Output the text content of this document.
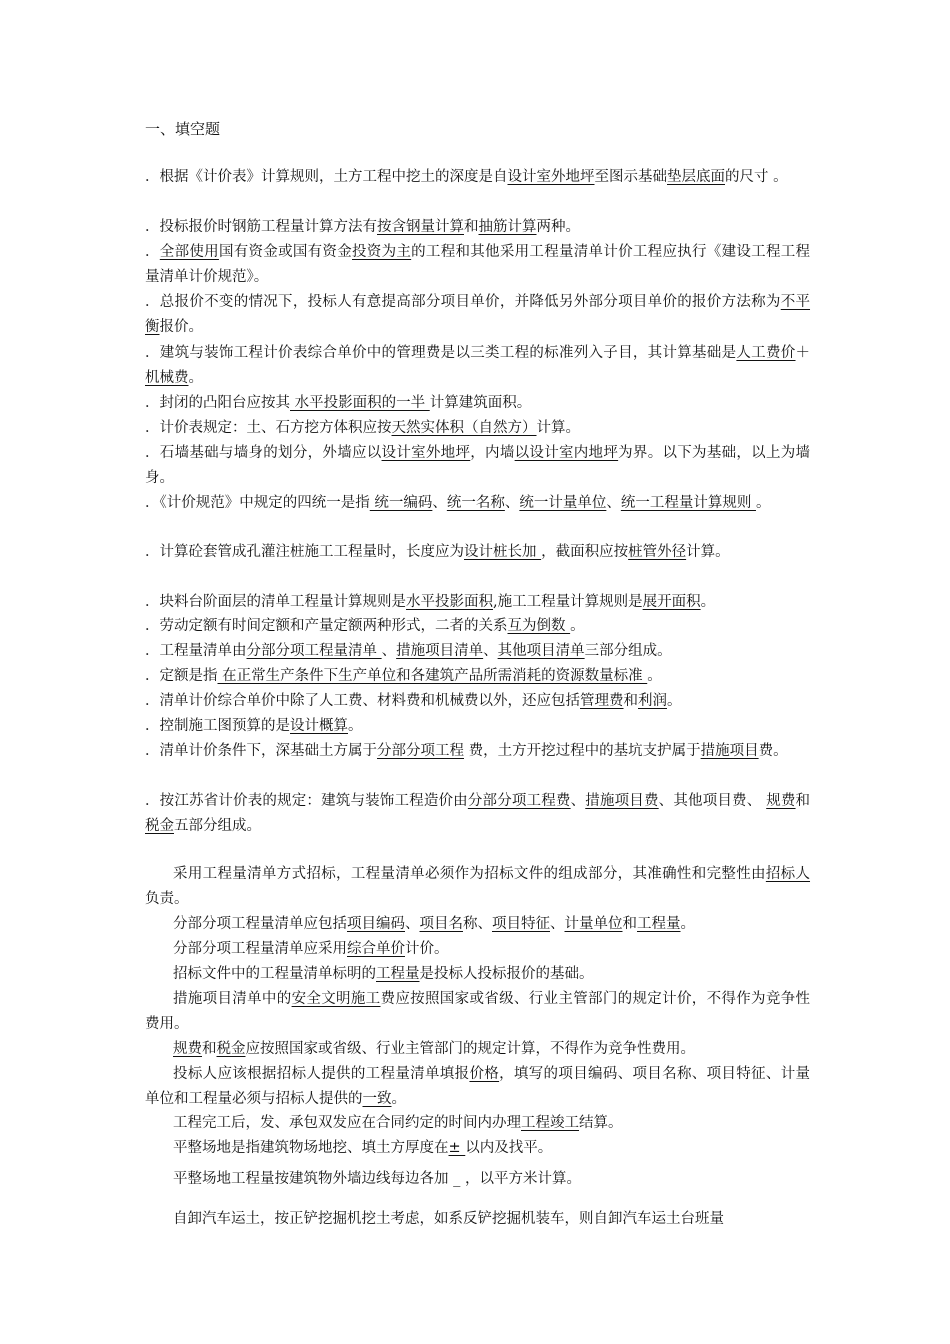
一、填空题
．根据《计价表》计算规则，土方工程中挖土的深度是自设计室外地坪至图示基础垫层底面的尺寸 。
．投标报价时钢筋工程量计算方法有按含钢量计算和抽筋计算两种。
．全部使用国有资金或国有资金投资为主的工程和其他采用工程量清单计价工程应执行《建设工程工程量清单计价规范》。
．总报价不变的情况下，投标人有意提高部分项目单价，并降低另外部分项目单价的报价方法称为不平衡报价。
．建筑与装饰工程计价表综合单价中的管理费是以三类工程的标准列入子目，其计算基础是人工费价＋机械费。
．封闭的凸阳台应按其 水平投影面积的一半 计算建筑面积。
．计价表规定：土、石方挖方体积应按天然实体积（自然方）计算。
．石墙基础与墙身的划分，外墙应以设计室外地坪，内墙以设计室内地坪为界。以下为基础，以上为墙身。
．《计价规范》中规定的四统一是指 统一编码、统一名称、统一计量单位、统一工程量计算规则 。
．计算砼套管成孔灌注桩施工工程量时，长度应为设计桩长加 ，截面积应按桩管外径计算。
．块料台阶面层的清单工程量计算规则是水平投影面积,施工工程量计算规则是展开面积。
．劳动定额有时间定额和产量定额两种形式，二者的关系互为倒数 。
．工程量清单由分部分项工程量清单 、措施项目清单、其他项目清单三部分组成。
．定额是指 在正常生产条件下生产单位和各建筑产品所需消耗的资源数量标准 。
．清单计价综合单价中除了人工费、材料费和机械费以外，还应包括管理费和利润。
．控制施工图预算的是设计概算。
．清单计价条件下，深基础土方属于分部分项工程 费，土方开挖过程中的基坑支护属于措施项目费。
．按江苏省计价表的规定：建筑与装饰工程造价由分部分项工程费、措施项目费、其他项目费、 规费和税金五部分组成。
采用工程量清单方式招标，工程量清单必须作为招标文件的组成部分，其准确性和完整性由招标人负责。
分部分项工程量清单应包括项目编码、项目名称、项目特征、计量单位和工程量。
分部分项工程量清单应采用综合单价计价。
招标文件中的工程量清单标明的工程量是投标人投标报价的基础。
措施项目清单中的安全文明施工费应按照国家或省级、行业主管部门的规定计价，不得作为竞争性费用。
规费和税金应按照国家或省级、行业主管部门的规定计算，不得作为竞争性费用。
投标人应该根据招标人提供的工程量清单填报价格，填写的项目编码、项目名称、项目特征、计量单位和工程量必须与招标人提供的一致。
工程完工后，发、承包双发应在合同约定的时间内办理工程竣工结算。
平整场地是指建筑物场地挖、填土方厚度在± 以内及找平。
平整场地工程量按建筑物外墙边线每边各加 _ ，以平方米计算。
自卸汽车运土，按正铲挖掘机挖土考虑，如系反铲挖掘机装车，则自卸汽车运土台班量
